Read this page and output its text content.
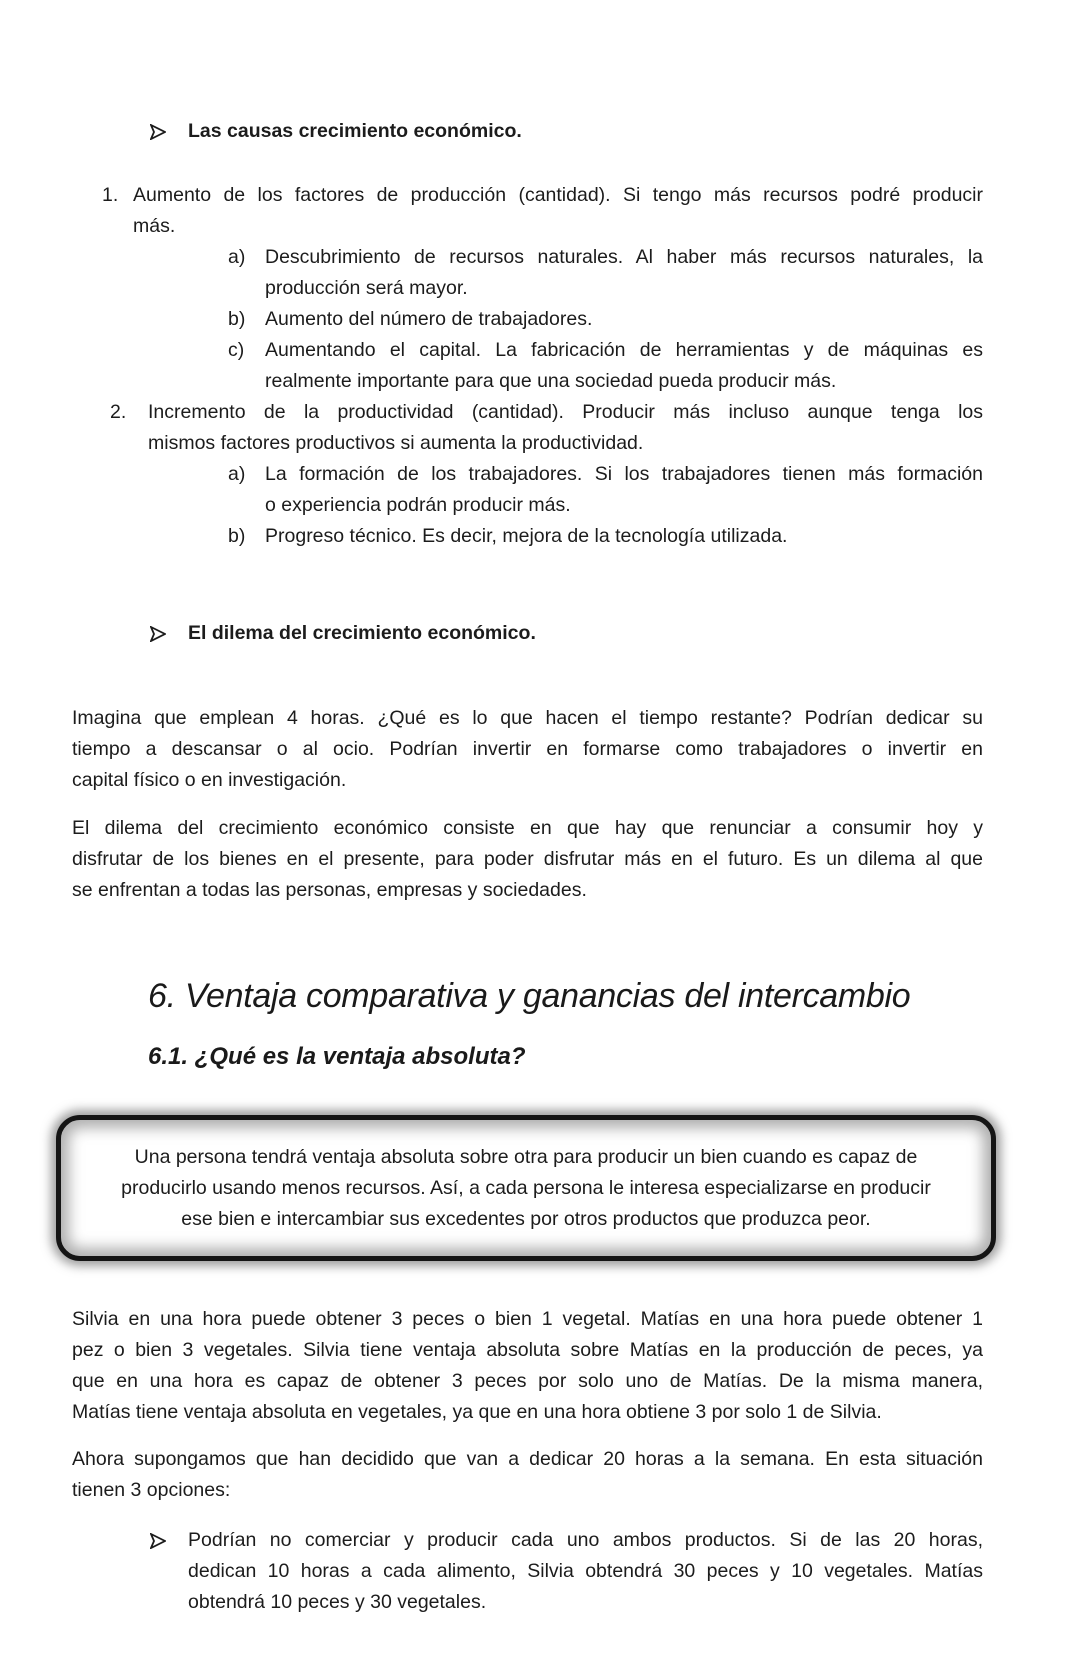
Las causas crecimiento económico.
1. Aumento de los factores de producción (cantidad). Si tengo más recursos podré producir
más.
a) Descubrimiento de recursos naturales. Al haber más recursos naturales, la
producción será mayor.
b) Aumento del número de trabajadores.
c) Aumentando el capital. La fabricación de herramientas y de máquinas es
realmente importante para que una sociedad pueda producir más.
2. Incremento de la productividad (cantidad). Producir más incluso aunque tenga los
mismos factores productivos si aumenta la productividad.
a) La formación de los trabajadores. Si los trabajadores tienen más formación
o experiencia podrán producir más.
b) Progreso técnico. Es decir, mejora de la tecnología utilizada.
El dilema del crecimiento económico.
Imagina que emplean 4 horas. ¿Qué es lo que hacen el tiempo restante? Podrían dedicar su
tiempo a descansar o al ocio. Podrían invertir en formarse como trabajadores o invertir en
capital físico o en investigación.
El dilema del crecimiento económico consiste en que hay que renunciar a consumir hoy y
disfrutar de los bienes en el presente, para poder disfrutar más en el futuro. Es un dilema al que
se enfrentan a todas las personas, empresas y sociedades.
6. Ventaja comparativa y ganancias del intercambio
6.1. ¿Qué es la ventaja absoluta?
Una persona tendrá ventaja absoluta sobre otra para producir un bien cuando es capaz de
producirlo usando menos recursos. Así, a cada persona le interesa especializarse en producir
ese bien e intercambiar sus excedentes por otros productos que produzca peor.
Silvia en una hora puede obtener 3 peces o bien 1 vegetal. Matías en una hora puede obtener 1
pez o bien 3 vegetales. Silvia tiene ventaja absoluta sobre Matías en la producción de peces, ya
que en una hora es capaz de obtener 3 peces por solo uno de Matías. De la misma manera,
Matías tiene ventaja absoluta en vegetales, ya que en una hora obtiene 3 por solo 1 de Silvia.
Ahora supongamos que han decidido que van a dedicar 20 horas a la semana. En esta situación
tienen 3 opciones:
Podrían no comerciar y producir cada uno ambos productos. Si de las 20 horas,
dedican 10 horas a cada alimento, Silvia obtendrá 30 peces y 10 vegetales. Matías
obtendrá 10 peces y 30 vegetales.
